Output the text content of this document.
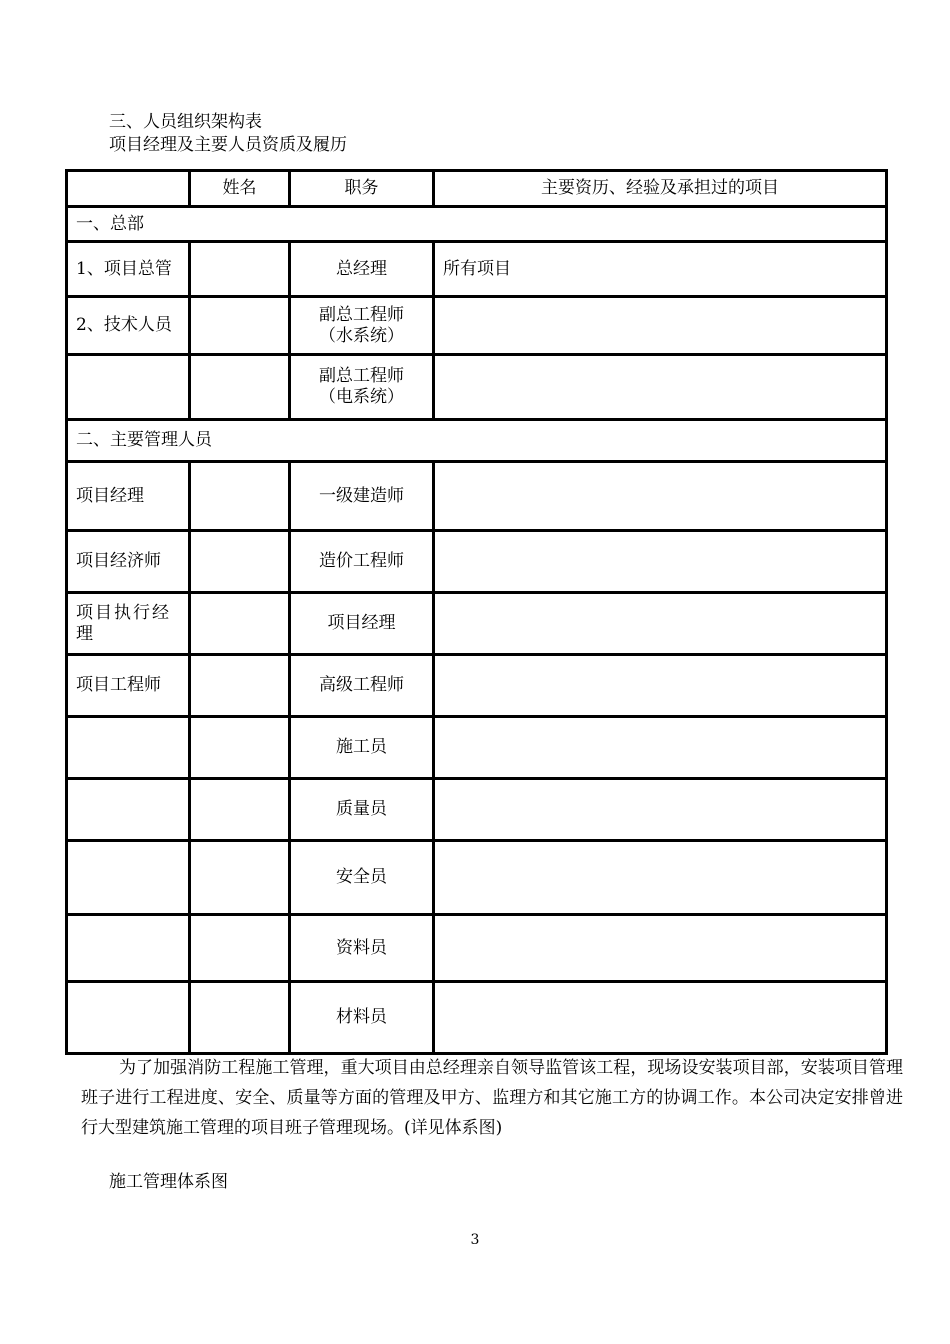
三、人员组织架构表
项目经理及主要人员资质及履历
	姓名	职务	主要资历、经验及承担过的项目
一、总部			
1、项目总管		总经理	所有项目
2、技术人员		副总工程师
（水系统）	

		副总工程师
（电系统）	

二、主要管理人员			
项目经理		一级建造师	
项目经济师		造价工程师	
项目执行经理		项目经理	
项目工程师		高级工程师	
		施工员	
		质量员	
		安全员	
		资料员	
		材料员	
为了加强消防工程施工管理，重大项目由总经理亲自领导监管该工程，现场设安装项目部，安装项目管理班子进行工程进度、安全、质量等方面的管理及甲方、监理方和其它施工方的协调工作。本公司决定安排曾进行大型建筑施工管理的项目班子管理现场。(详见体系图)
施工管理体系图
3
